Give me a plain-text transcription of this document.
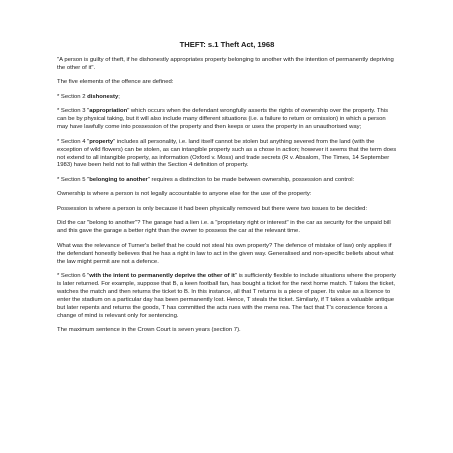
THEFT: s.1 Theft Act, 1968

"A person is guilty of theft, if he dishonestly appropriates property belonging to another with the intention of permanently depriving the other of it".

The five elements of the offence are defined:

* Section 2 dishonesty;

* Section 3 "appropriation" which occurs when the defendant wrongfully asserts the rights of ownership over the property. This can be by physical taking, but it will also include many different situations (i.e. a failure to return or omission) in which a person may have lawfully come into possession of the property and then keeps or uses the property in an unauthorised way;

* Section 4 "property" includes all personality, i.e. land itself cannot be stolen but anything severed from the land (with the exception of wild flowers) can be stolen, as can intangible property such as a chose in action; however it seems that the term does not extend to all intangible property, as information (Oxford v. Moss) and trade secrets (R v. Absalom, The Times, 14 September 1983) have been held not to fall within the Section 4 definition of property.

* Section 5 "belonging to another" requires a distinction to be made between ownership, possession and control:

Ownership is where a person is not legally accountable to anyone else for the use of the property:

Possession is where a person is only because it had been physically removed but there were two issues to be decided:

Did the car "belong to another"? The garage had a lien i.e. a "proprietary right or interest" in the car as security for the unpaid bill and this gave the garage a better right than the owner to possess the car at the relevant time.

What was the relevance of Turner's belief that he could not steal his own property? The defence of mistake of law) only applies if the defendant honestly believes that he has a right in law to act in the given way. Generalised and non-specific beliefs about what the law might permit are not a defence.

* Section 6 "with the intent to permanently deprive the other of it" is sufficiently flexible to include situations where the property is later returned. For example, suppose that B, a keen football fan, has bought a ticket for the next home match. T takes the ticket, watches the match and then returns the ticket to B. In this instance, all that T returns is a piece of paper. Its value as a licence to enter the stadium on a particular day has been permanently lost. Hence, T steals the ticket. Similarly, if T takes a valuable antique but later repents and returns the goods, T has committed the acts rues with the mens rea. The fact that T's conscience forces a change of mind is relevant only for sentencing.

The maximum sentence in the Crown Court is seven years (section 7).
